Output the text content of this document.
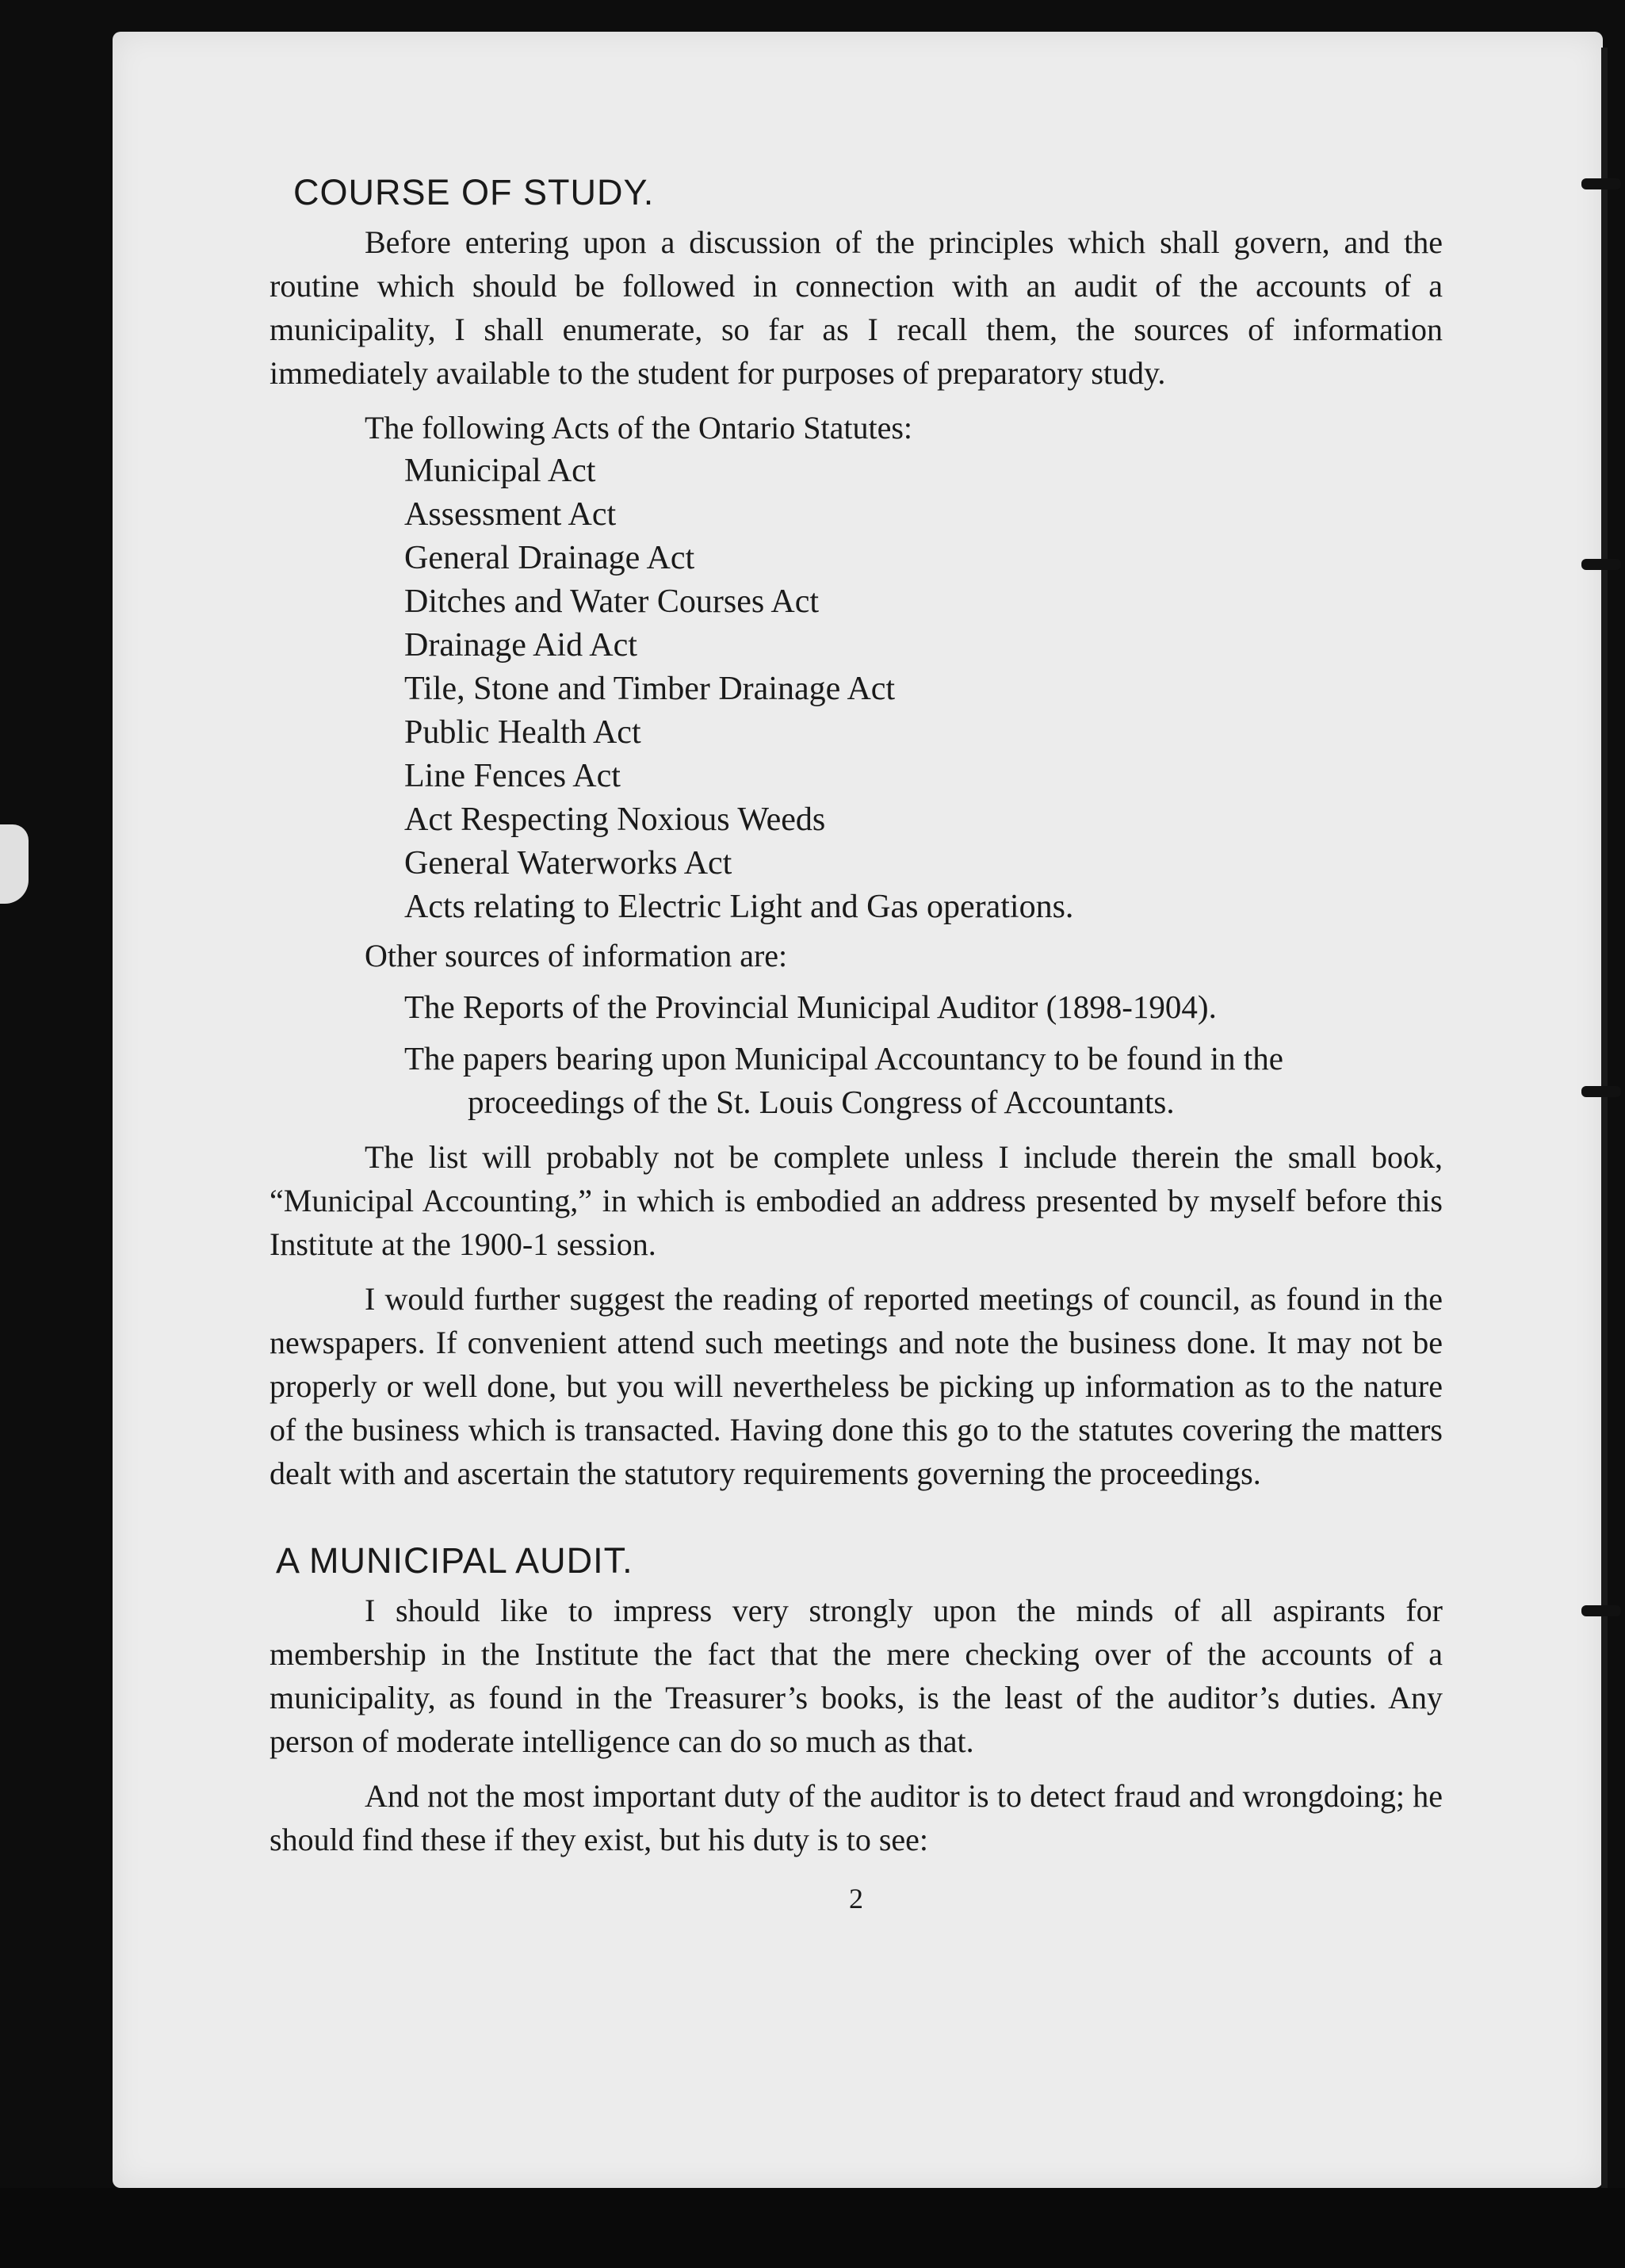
COURSE OF STUDY.

Before entering upon a discussion of the principles which shall govern, and the routine which should be followed in connection with an audit of the accounts of a municipality, I shall enumerate, so far as I recall them, the sources of information immediately available to the student for purposes of preparatory study.

The following Acts of the Ontario Statutes:
Municipal Act
Assessment Act
General Drainage Act
Ditches and Water Courses Act
Drainage Aid Act
Tile, Stone and Timber Drainage Act
Public Health Act
Line Fences Act
Act Respecting Noxious Weeds
General Waterworks Act
Acts relating to Electric Light and Gas operations.
Other sources of information are:
The Reports of the Provincial Municipal Auditor (1898-1904).
The papers bearing upon Municipal Accountancy to be found in the proceedings of the St. Louis Congress of Accountants.

The list will probably not be complete unless I include therein the small book, “Municipal Accounting,” in which is embodied an address presented by myself before this Institute at the 1900-1 session.

I would further suggest the reading of reported meetings of council, as found in the newspapers. If convenient attend such meetings and note the business done. It may not be properly or well done, but you will nevertheless be picking up information as to the nature of the business which is transacted. Having done this go to the statutes covering the matters dealt with and ascertain the statutory requirements governing the proceedings.

A MUNICIPAL AUDIT.

I should like to impress very strongly upon the minds of all aspirants for membership in the Institute the fact that the mere checking over of the accounts of a municipality, as found in the Treasurer’s books, is the least of the auditor’s duties. Any person of moderate intelligence can do so much as that.

And not the most important duty of the auditor is to detect fraud and wrongdoing; he should find these if they exist, but his duty is to see:

2
